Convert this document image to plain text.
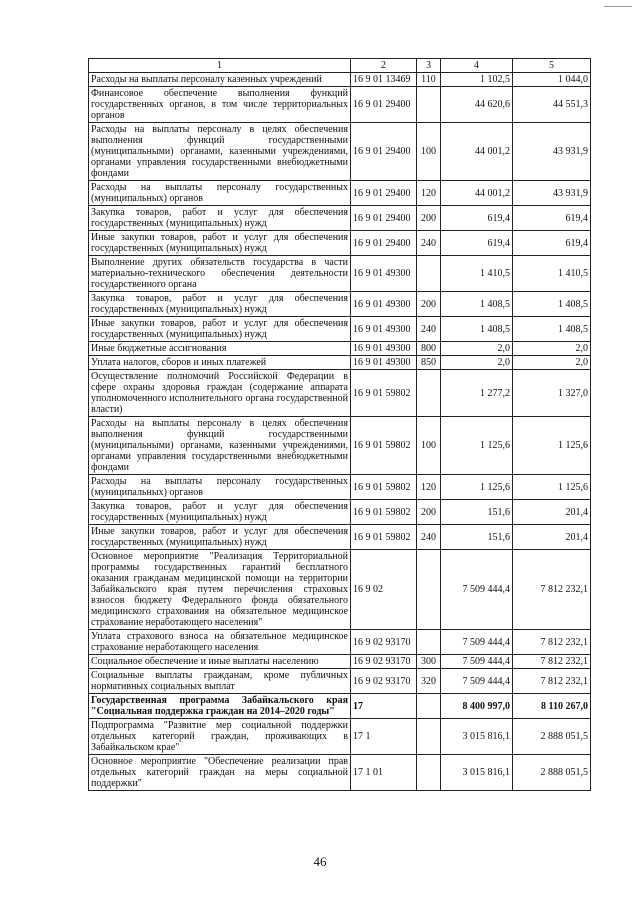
1	2	3	4	5
Расходы на выплаты персоналу казенных учреждений	16 9 01 13469	110	1 102,5	1 044,0
Финансовое обеспечение выполнения функций государственных органов, в том числе территориальных органов	16 9 01 29400		44 620,6	44 551,3
Расходы на выплаты персоналу в целях обеспечения выполнения функций государственными (муниципальными) органами, казенными учреждениями, органами управления государственными внебюджетными фондами	16 9 01 29400	100	44 001,2	43 931,9
Расходы на выплаты персоналу государственных (муниципальных) органов	16 9 01 29400	120	44 001,2	43 931,9
Закупка товаров, работ и услуг для обеспечения государственных (муниципальных) нужд	16 9 01 29400	200	619,4	619,4
Иные закупки товаров, работ и услуг для обеспечения государственных (муниципальных) нужд	16 9 01 29400	240	619,4	619,4
Выполнение других обязательств государства в части материально-технического обеспечения деятельности государственного органа	16 9 01 49300		1 410,5	1 410,5
Закупка товаров, работ и услуг для обеспечения государственных (муниципальных) нужд	16 9 01 49300	200	1 408,5	1 408,5
Иные закупки товаров, работ и услуг для обеспечения государственных (муниципальных) нужд	16 9 01 49300	240	1 408,5	1 408,5
Иные бюджетные ассигнования	16 9 01 49300	800	2,0	2,0
Уплата налогов, сборов и иных платежей	16 9 01 49300	850	2,0	2,0
Осуществление полномочий Российской Федерации в сфере охраны здоровья граждан (содержание аппарата уполномоченного исполнительного органа государственной власти)	16 9 01 59802		1 277,2	1 327,0
Расходы на выплаты персоналу в целях обеспечения выполнения функций государственными (муниципальными) органами, казенными учреждениями, органами управления государственными внебюджетными фондами	16 9 01 59802	100	1 125,6	1 125,6
Расходы на выплаты персоналу государственных (муниципальных) органов	16 9 01 59802	120	1 125,6	1 125,6
Закупка товаров, работ и услуг для обеспечения государственных (муниципальных) нужд	16 9 01 59802	200	151,6	201,4
Иные закупки товаров, работ и услуг для обеспечения государственных (муниципальных) нужд	16 9 01 59802	240	151,6	201,4
Основное мероприятие "Реализация Территориальной программы государственных гарантий бесплатного оказания гражданам медицинской помощи на территории Забайкальского края путем перечисления страховых взносов бюджету Федерального фонда обязательного медицинского страхования на обязательное медицинское страхование неработающего населения"	16 9 02		7 509 444,4	7 812 232,1
Уплата страхового взноса на обязательное медицинское страхование неработающего населения	16 9 02 93170		7 509 444,4	7 812 232,1
Социальное обеспечение и иные выплаты населению	16 9 02 93170	300	7 509 444,4	7 812 232,1
Социальные выплаты гражданам, кроме публичных нормативных социальных выплат	16 9 02 93170	320	7 509 444,4	7 812 232,1
Государственная программа Забайкальского края "Социальная поддержка граждан на 2014–2020 годы"	17		8 400 997,0	8 110 267,0
Подпрограмма "Развитие мер социальной поддержки отдельных категорий граждан, проживающих в Забайкальском крае"	17 1		3 015 816,1	2 888 051,5
Основное мероприятие "Обеспечение реализации прав отдельных категорий граждан на меры социальной поддержки"	17 1 01		3 015 816,1	2 888 051,5
46
